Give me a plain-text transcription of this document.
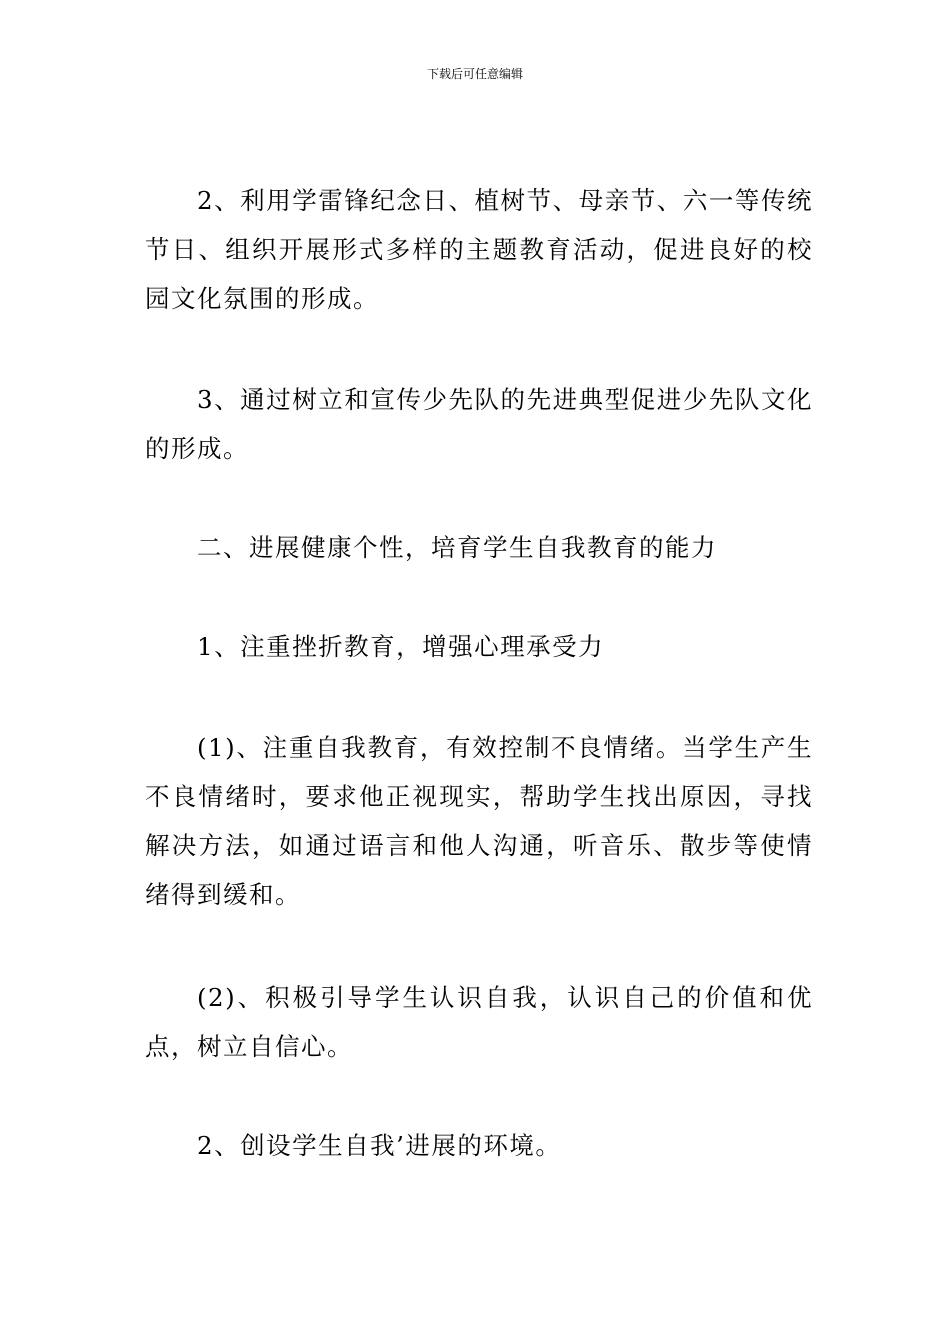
下载后可任意编辑

2、利用学雷锋纪念日、植树节、母亲节、六一等传统节日、组织开展形式多样的主题教育活动，促进良好的校园文化氛围的形成。

3、通过树立和宣传少先队的先进典型促进少先队文化的形成。

二、进展健康个性，培育学生自我教育的能力

1、注重挫折教育，增强心理承受力

(1)、注重自我教育，有效控制不良情绪。当学生产生不良情绪时，要求他正视现实，帮助学生找出原因，寻找解决方法，如通过语言和他人沟通，听音乐、散步等使情绪得到缓和。

(2)、积极引导学生认识自我，认识自己的价值和优点，树立自信心。

2、创设学生自我’进展的环境。
